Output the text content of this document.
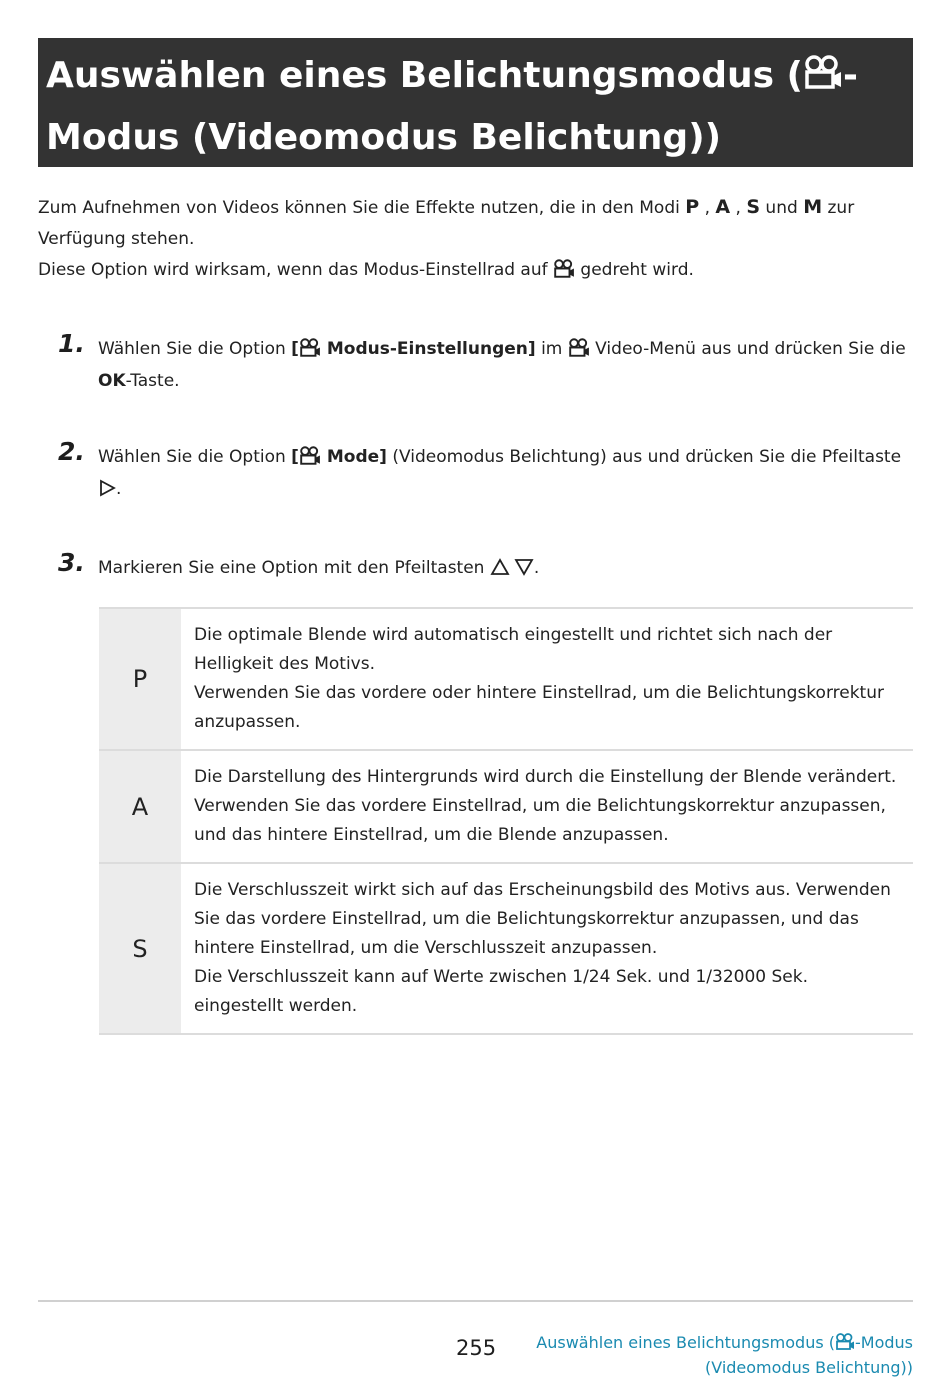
Auswählen eines Belichtungsmodus ( -
Modus (Videomodus Belichtung))
Zum Aufnehmen von Videos können Sie die Effekte nutzen, die in den Modi P , A , S und M zur Verfügung stehen.
Diese Option wird wirksam, wenn das Modus-Einstellrad auf  gedreht wird.
1. Wählen Sie die Option [ Modus-Einstellungen] im  Video-Menü aus und drücken Sie die OK-Taste.
2. Wählen Sie die Option [ Mode] (Videomodus Belichtung) aus und drücken Sie die Pfeiltaste
.
3. Markieren Sie eine Option mit den Pfeiltasten	.
P	Die optimale Blende wird automatisch eingestellt und richtet sich nach der Helligkeit des Motivs.
Verwenden Sie das vordere oder hintere Einstellrad, um die Belichtungskorrektur anzupassen.

A	Die Darstellung des Hintergrunds wird durch die Einstellung der Blende verändert. Verwenden Sie das vordere Einstellrad, um die Belichtungskorrektur anzupassen, und das hintere Einstellrad, um die Blende anzupassen.

S	Die Verschlusszeit wirkt sich auf das Erscheinungsbild des Motivs aus. Verwenden Sie das vordere Einstellrad, um die Belichtungskorrektur anzupassen, und das hintere Einstellrad, um die Verschlusszeit anzupassen.
Die Verschlusszeit kann auf Werte zwischen 1/24 Sek. und 1/32000 Sek. eingestellt werden.
255	Auswählen eines Belichtungsmodus ( -Modus
(Videomodus Belichtung))
